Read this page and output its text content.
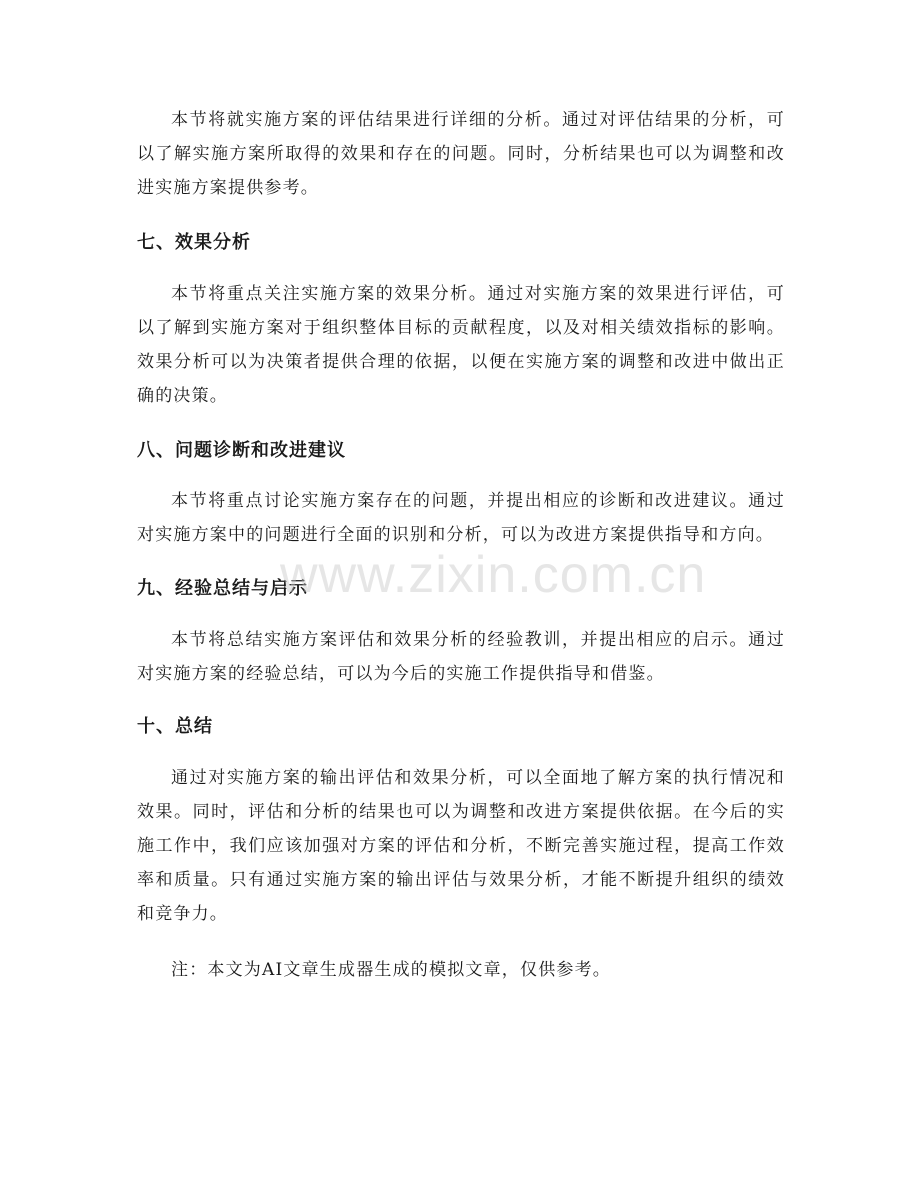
本节将就实施方案的评估结果进行详细的分析。通过对评估结果的分析，可以了解实施方案所取得的效果和存在的问题。同时，分析结果也可以为调整和改进实施方案提供参考。

七、效果分析

本节将重点关注实施方案的效果分析。通过对实施方案的效果进行评估，可以了解到实施方案对于组织整体目标的贡献程度，以及对相关绩效指标的影响。效果分析可以为决策者提供合理的依据，以便在实施方案的调整和改进中做出正确的决策。

八、问题诊断和改进建议

本节将重点讨论实施方案存在的问题，并提出相应的诊断和改进建议。通过对实施方案中的问题进行全面的识别和分析，可以为改进方案提供指导和方向。

九、经验总结与启示

本节将总结实施方案评估和效果分析的经验教训，并提出相应的启示。通过对实施方案的经验总结，可以为今后的实施工作提供指导和借鉴。

十、总结

通过对实施方案的输出评估和效果分析，可以全面地了解方案的执行情况和效果。同时，评估和分析的结果也可以为调整和改进方案提供依据。在今后的实施工作中，我们应该加强对方案的评估和分析，不断完善实施过程，提高工作效率和质量。只有通过实施方案的输出评估与效果分析，才能不断提升组织的绩效和竞争力。

注：本文为AI文章生成器生成的模拟文章，仅供参考。

www.zixin.com.cn
